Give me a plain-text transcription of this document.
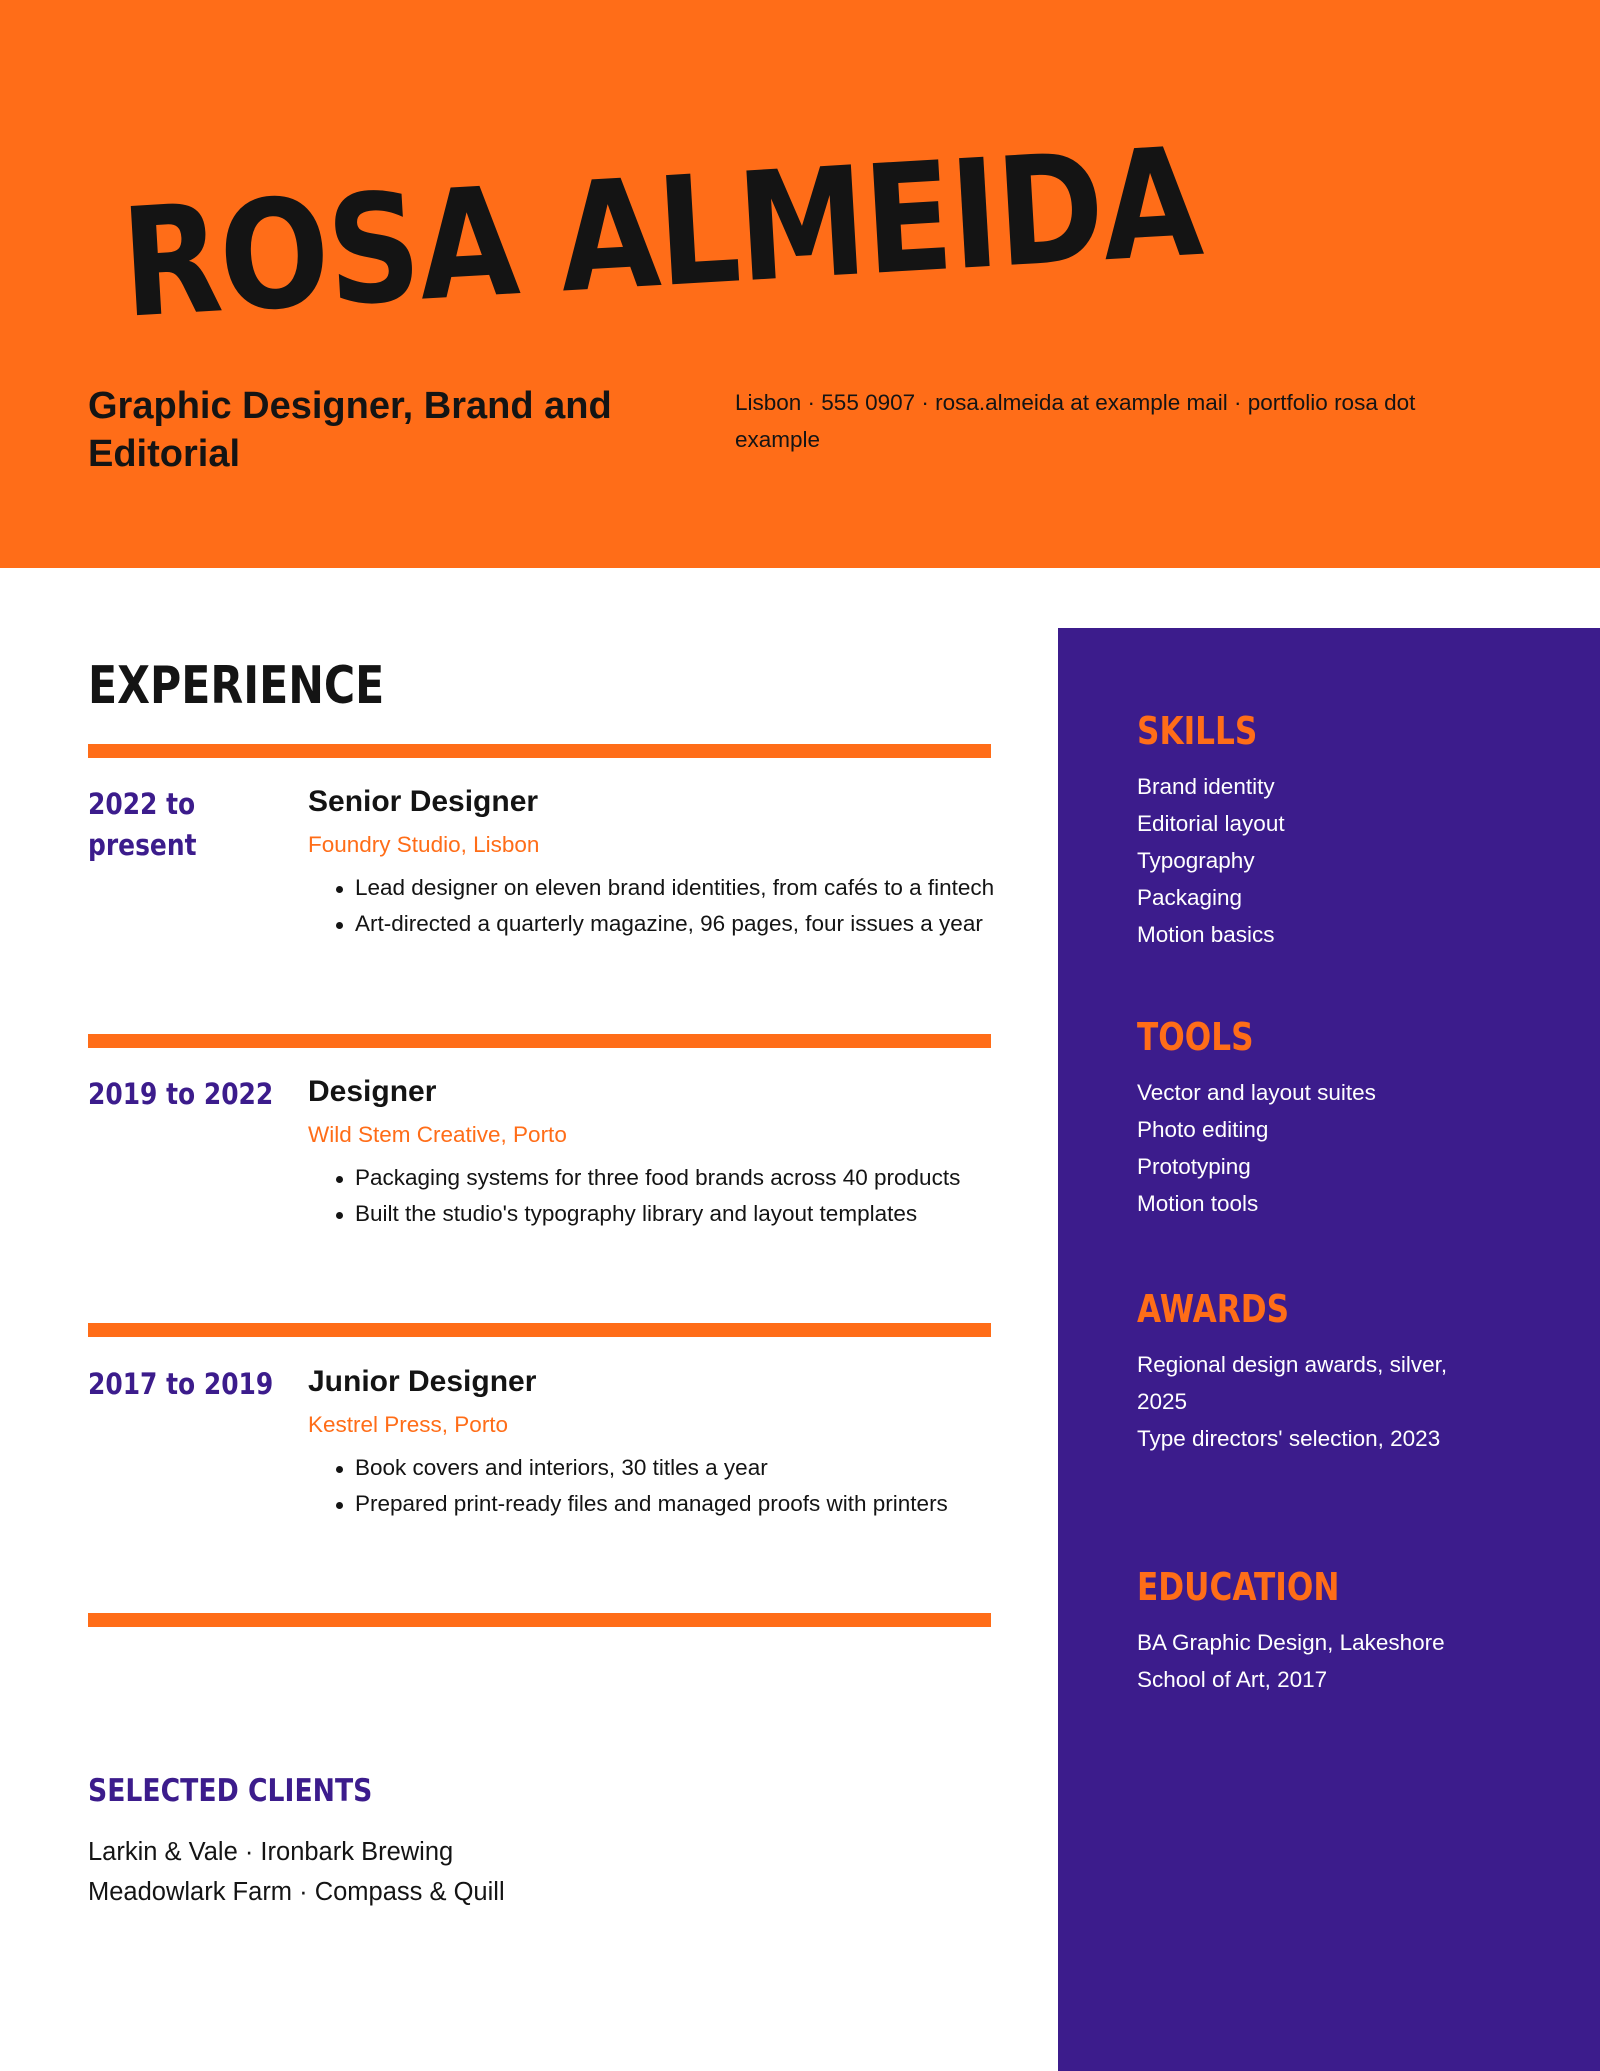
ROSA ALMEIDA
Graphic Designer, Brand and Editorial
Lisbon · 555 0907 · rosa.almeida at example mail · portfolio rosa dot example
EXPERIENCE
2022 to present
Senior Designer
Foundry Studio, Lisbon
Lead designer on eleven brand identities, from cafés to a fintech
Art-directed a quarterly magazine, 96 pages, four issues a year
2019 to 2022 Designer
Wild Stem Creative, Porto
Packaging systems for three food brands across 40 products
Built the studio's typography library and layout templates
2017 to 2019 Junior Designer
Kestrel Press, Porto
Book covers and interiors, 30 titles a year
Prepared print-ready files and managed proofs with printers
SELECTED CLIENTS
Larkin & Vale · Ironbark Brewing
Meadowlark Farm · Compass & Quill
SKILLS
Brand identity
Editorial layout
Typography
Packaging
Motion basics
TOOLS
Vector and layout suites
Photo editing
Prototyping
Motion tools
AWARDS
Regional design awards, silver, 2025
Type directors' selection, 2023
EDUCATION
BA Graphic Design, Lakeshore School of Art, 2017
